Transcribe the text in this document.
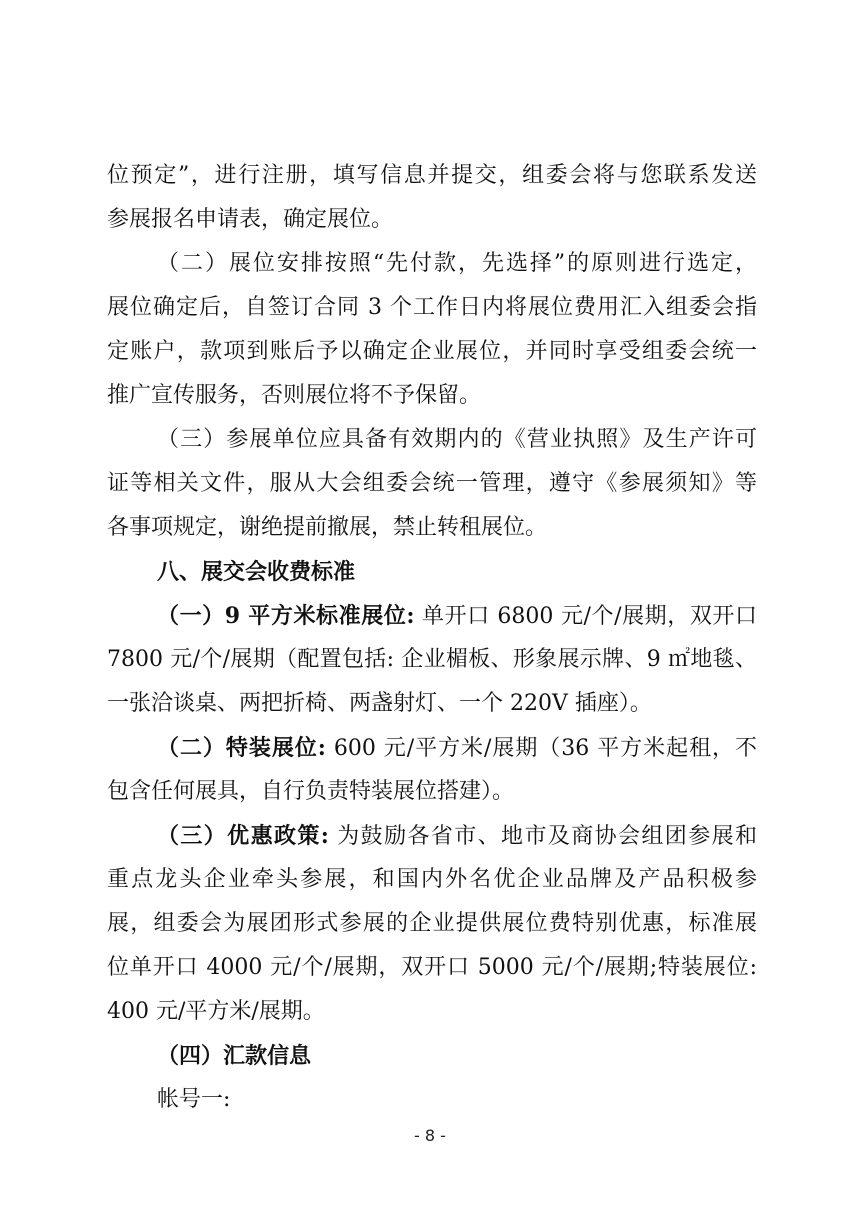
位预定”，进行注册，填写信息并提交，组委会将与您联系发送
参展报名申请表，确定展位。
（二）展位安排按照“先付款，先选择”的原则进行选定，
展位确定后，自签订合同 3 个工作日内将展位费用汇入组委会指
定账户，款项到账后予以确定企业展位，并同时享受组委会统一
推广宣传服务，否则展位将不予保留。
（三）参展单位应具备有效期内的《营业执照》及生产许可
证等相关文件，服从大会组委会统一管理，遵守《参展须知》等
各事项规定，谢绝提前撤展，禁止转租展位。
八、展交会收费标准
（一）9 平方米标准展位: 单开口 6800 元/个/展期，双开口
7800 元/个/展期（配置包括: 企业楣板、形象展示牌、9 ㎡地毯、
一张洽谈桌、两把折椅、两盏射灯、一个 220V 插座）。
（二）特装展位: 600 元/平方米/展期（36 平方米起租，不
包含任何展具，自行负责特装展位搭建）。
（三）优惠政策: 为鼓励各省市、地市及商协会组团参展和
重点龙头企业牵头参展，和国内外名优企业品牌及产品积极参
展，组委会为展团形式参展的企业提供展位费特别优惠，标准展
位单开口 4000 元/个/展期，双开口 5000 元/个/展期;特装展位:
400 元/平方米/展期。
（四）汇款信息
帐号一:
- 8 -
